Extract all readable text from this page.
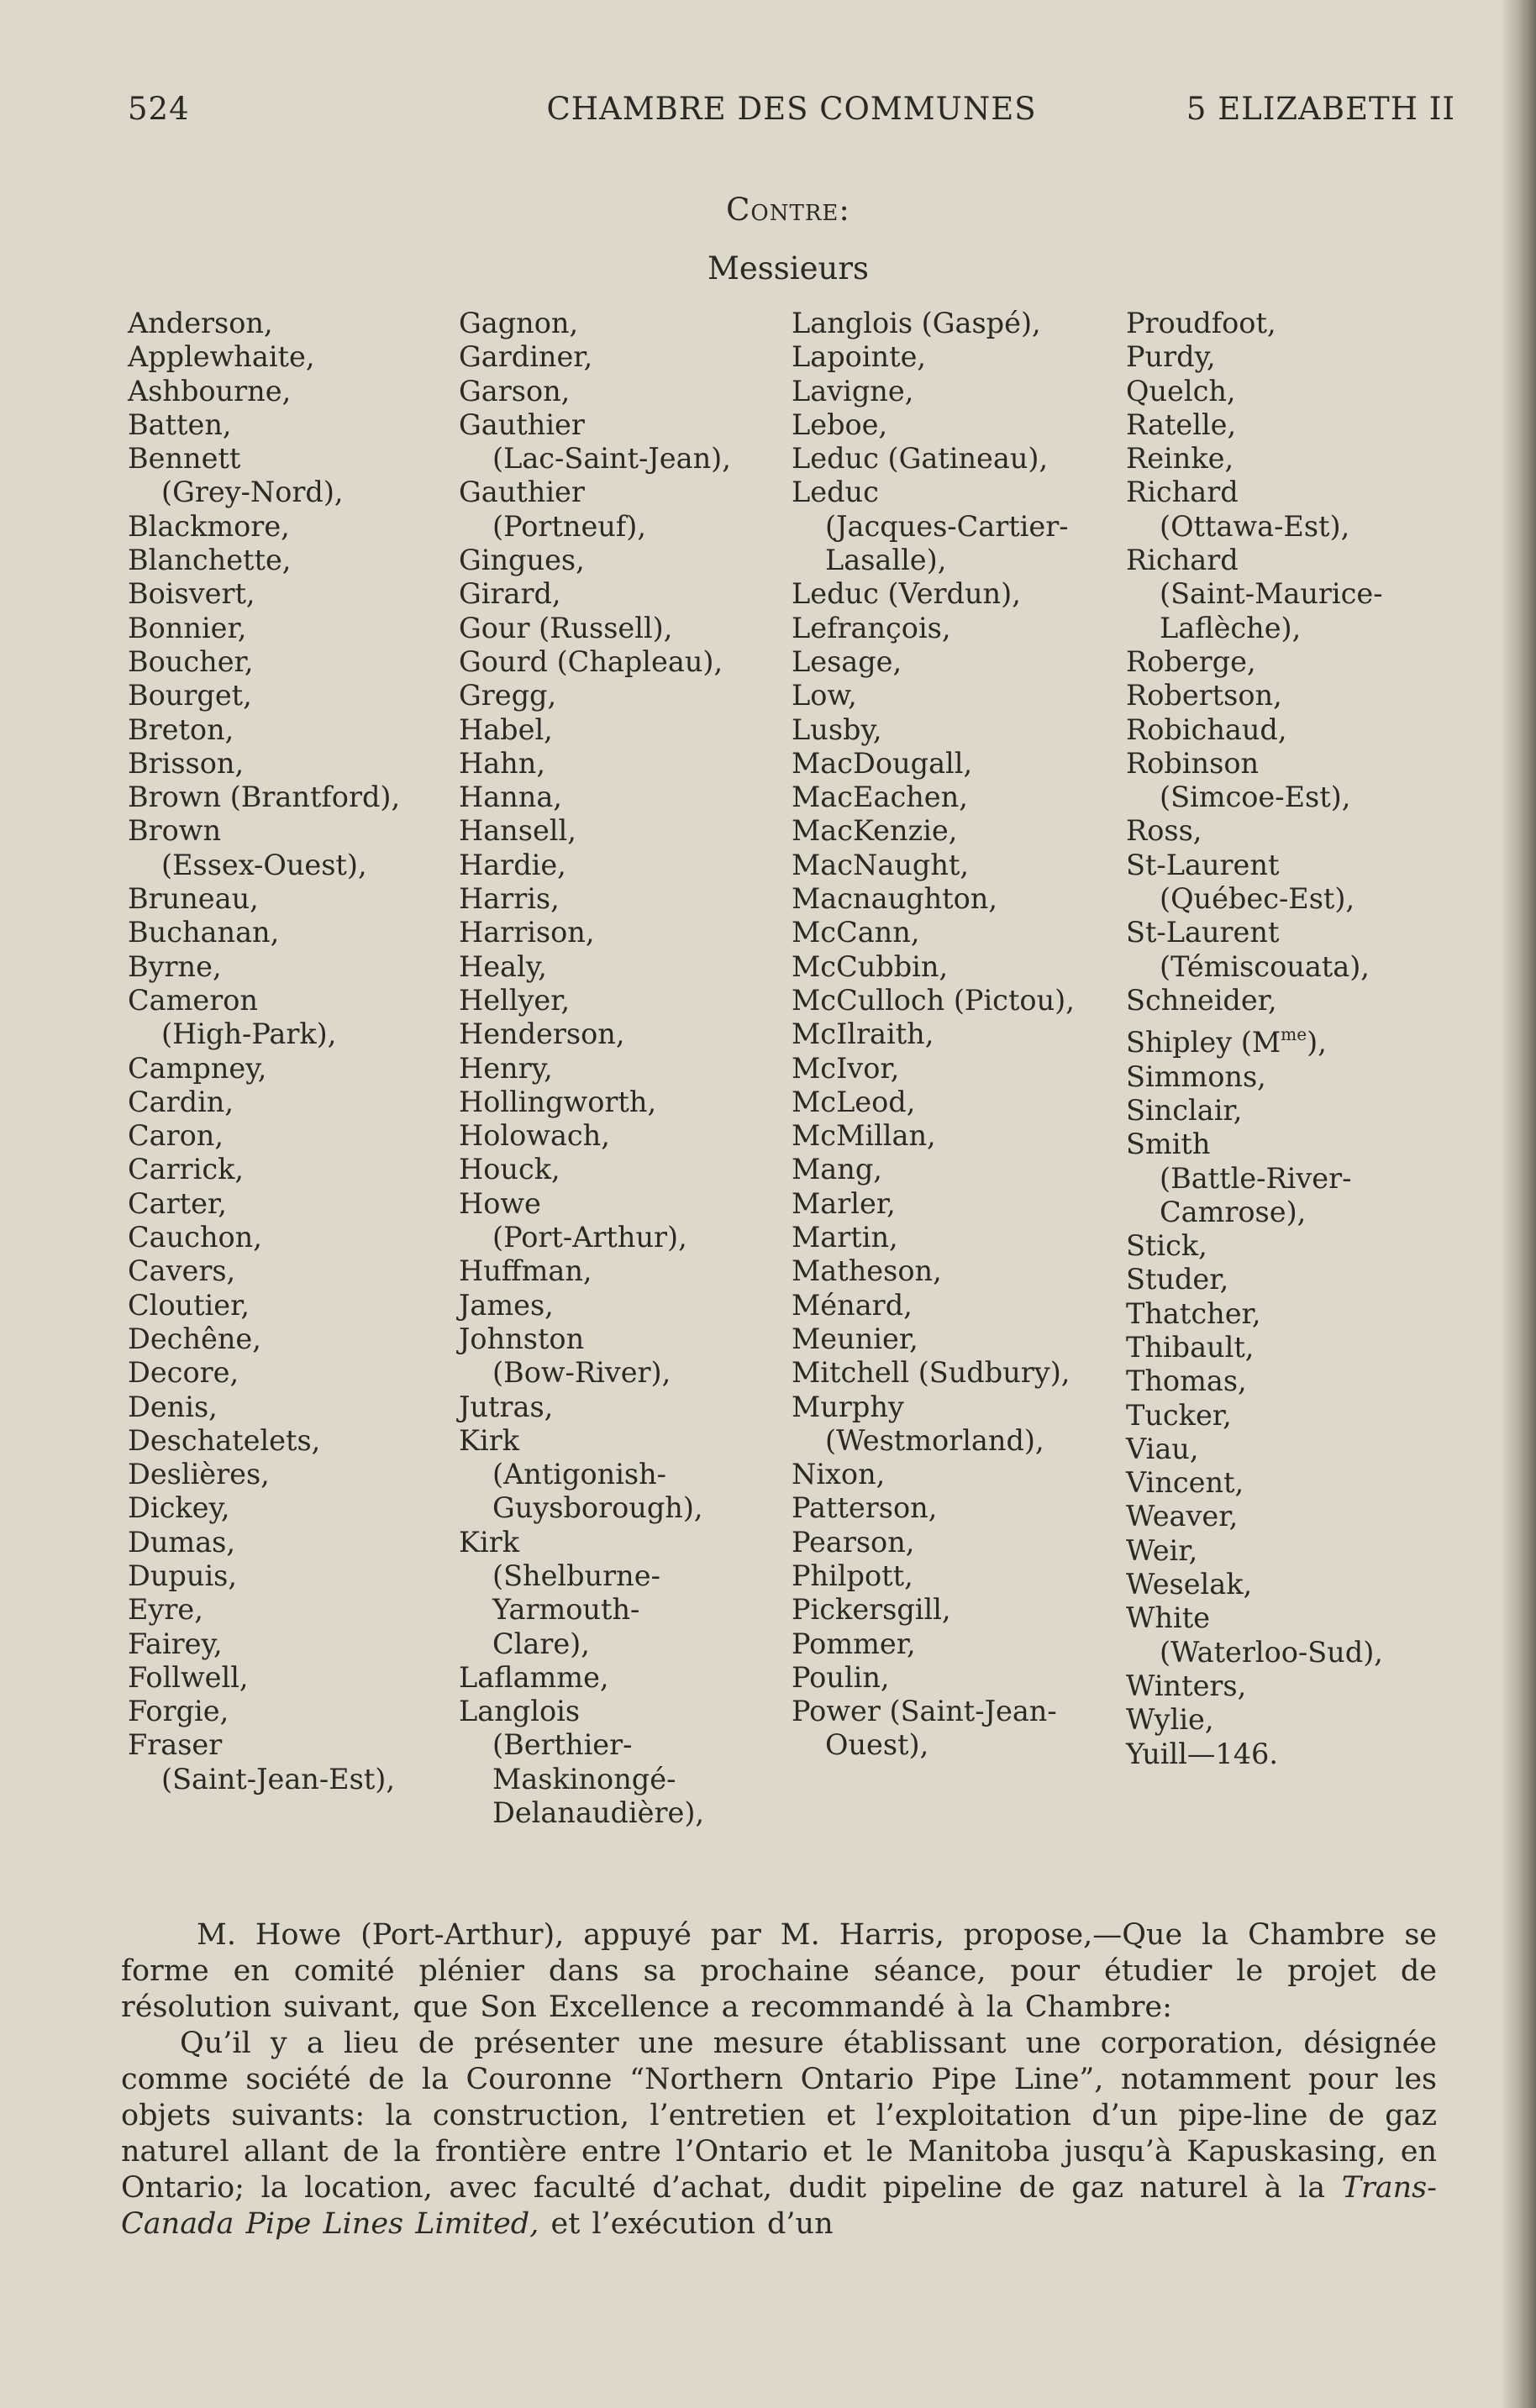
524	CHAMBRE DES COMMUNES	5 ELIZABETH II
Contre:
Messieurs
Anderson,
Applewhaite,
Ashbourne,
Batten,
Bennett
(Grey-Nord),
Blackmore,
Blanchette,
Boisvert,
Bonnier,
Boucher,
Bourget,
Breton,
Brisson,
Brown (Brantford),
Brown
(Essex-Ouest),
Bruneau,
Buchanan,
Byrne,
Cameron
(High-Park),
Campney,
Cardin,
Caron,
Carrick,
Carter,
Cauchon,
Cavers,
Cloutier,
Dechêne,
Decore,
Denis,
Deschatelets,
Deslières,
Dickey,
Dumas,
Dupuis,
Eyre,
Fairey,
Follwell,
Forgie,
Fraser
(Saint-Jean-Est),
Gagnon,
Gardiner,
Garson,
Gauthier
(Lac-Saint-Jean),
Gauthier
(Portneuf),
Gingues,
Girard,
Gour (Russell),
Gourd (Chapleau),
Gregg,
Habel,
Hahn,
Hanna,
Hansell,
Hardie,
Harris,
Harrison,
Healy,
Hellyer,
Henderson,
Henry,
Hollingworth,
Holowach,
Houck,
Howe
(Port-Arthur),
Huffman,
James,
Johnston
(Bow-River),
Jutras,
Kirk
(Antigonish-
Guysborough),
Kirk
(Shelburne-
Yarmouth-
Clare),
Laflamme,
Langlois
(Berthier-
Maskinongé-
Delanaudière),
Langlois (Gaspé),
Lapointe,
Lavigne,
Leboe,
Leduc (Gatineau),
Leduc
(Jacques-Cartier-
Lasalle),
Leduc (Verdun),
Lefrançois,
Lesage,
Low,
Lusby,
MacDougall,
MacEachen,
MacKenzie,
MacNaught,
Macnaughton,
McCann,
McCubbin,
McCulloch (Pictou),
McIlraith,
McIvor,
McLeod,
McMillan,
Mang,
Marler,
Martin,
Matheson,
Ménard,
Meunier,
Mitchell (Sudbury),
Murphy
(Westmorland),
Nixon,
Patterson,
Pearson,
Philpott,
Pickersgill,
Pommer,
Poulin,
Power (Saint-Jean-
Ouest),
Proudfoot,
Purdy,
Quelch,
Ratelle,
Reinke,
Richard
(Ottawa-Est),
Richard
(Saint-Maurice-
Laflèche),
Roberge,
Robertson,
Robichaud,
Robinson
(Simcoe-Est),
Ross,
St-Laurent
(Québec-Est),
St-Laurent
(Témiscouata),
Schneider,
Shipley $(M^{me})$,
Simmons,
Sinclair,
Smith
(Battle-River-
Camrose),
Stick,
Studer,
Thatcher,
Thibault,
Thomas,
Tucker,
Viau,
Vincent,
Weaver,
Weir,
Weselak,
White
(Waterloo-Sud),
Winters,
Wylie,
Yuill—146.

M. Howe (Port-Arthur), appuyé par M. Harris, propose,—Que la Chambre se forme en comité plénier dans sa prochaine séance, pour étudier le projet de résolution suivant, que Son Excellence a recommandé à la Chambre:

Qu’il y a lieu de présenter une mesure établissant une corporation, désignée comme société de la Couronne “Northern Ontario Pipe Line”, notamment pour les objets suivants: la construction, l’entretien et l’exploitation d’un pipe-line de gaz naturel allant de la frontière entre l’Ontario et le Manitoba jusqu’à Kapuskasing, en Ontario; la location, avec faculté d’achat, dudit pipeline de gaz naturel à la Trans-Canada Pipe Lines Limited, et l’exécution d’un
